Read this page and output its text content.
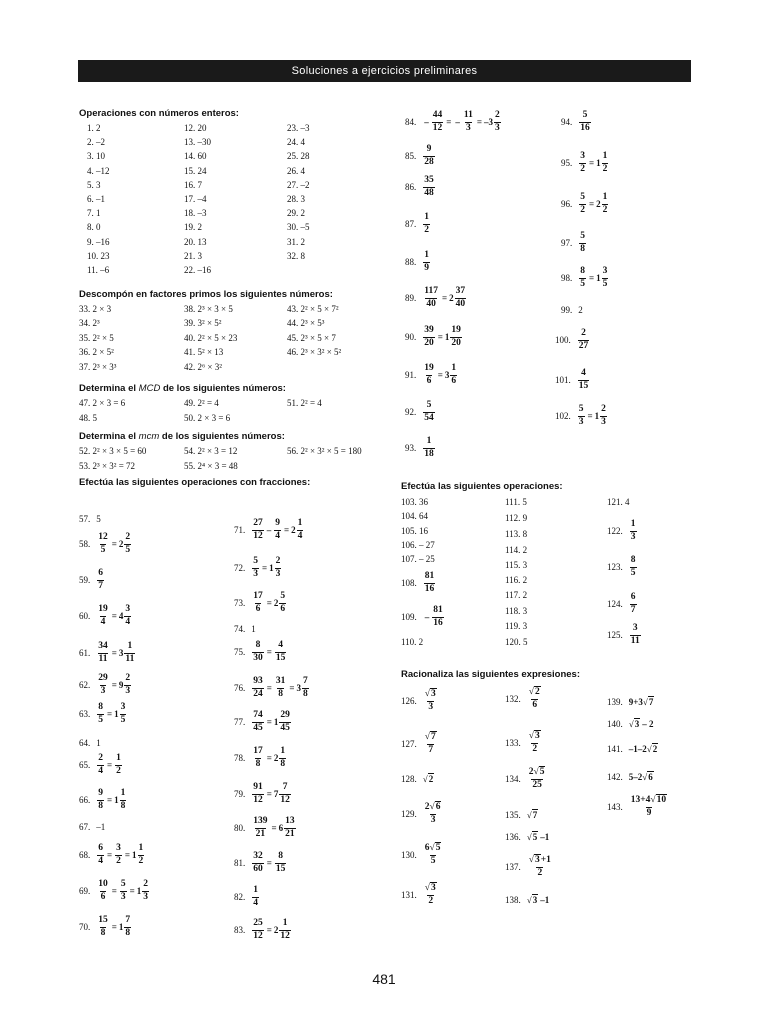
Soluciones a ejercicios preliminares
Operaciones con números enteros:
1. 2
2. –2
3. 10
4. –12
5. 3
6. –1
7. 1
8. 0
9. –16
10. 23
11. –6
12. 20
13. –30
14. 60
15. 24
16. 7
17. –4
18. –3
19. 2
20. 13
21. 3
22. –16
23. –3
24. 4
25. 28
26. 4
27. –2
28. 3
29. 2
30. –5
31. 2
32. 8
Descompón en factores primos los siguientes números:
33. 2 × 3
34. 2³
35. 2² × 5
36. 2 × 5²
37. 2³ × 3³
38. 2³ × 3 × 5
39. 3² × 5²
40. 2² × 5 × 23
41. 5² × 13
42. 2⁶ × 3²
43. 2² × 5 × 7²
44. 2³ × 5³
45. 2³ × 5 × 7
46. 2³ × 3² × 5²
Determina el MCD de los siguientes números:
47. 2 × 3 = 6
48. 5
49. 2² = 4
50. 2 × 3 = 6
51. 2² = 4
Determina el mcm de los siguientes números:
52. 2² × 3 × 5 = 60
53. 2³ × 3² = 72
54. 2² × 3 = 12
55. 2⁴ × 3 = 48
56. 2² × 3² × 5 = 180
Efectúa las siguientes operaciones con fracciones:
57. 5
58. $\frac{12}{5} = 2$
2
5
59.
6
7
60. $\frac{19}{4} = 4$
3
4
61. $\frac{34}{11} = 3$
1
11
62. $\frac{29}{3} = 9$
2
3
63. $\frac{8}{5} = 1$
3
5
64. 1
65. $\frac{2}{4} = \frac{1}{2}$
66. $\frac{9}{8} = 1$
1
8
67. –1
68. $\frac{6}{4} = \frac{3}{2} = 1$
1
2
69. $\frac{10}{6} = \frac{5}{3} = 1$
2
3
70. $\frac{15}{8} = 1$
7
8
71.
27
12
– $\frac{9}{4} = 2$
1
4
72. $\frac{5}{3} = 1$
2
3
73. $\frac{17}{6} = 2$
5
6
74. 1
75. $\frac{8}{30} = \frac{4}{15}$
76. $\frac{93}{24} = \frac{31}{8} = 3$
7
8
77. $\frac{74}{45} = 1$
29
45
78. $\frac{17}{8} = 2$
1
8
79. $\frac{91}{12} = 7$
7
12
80. $\frac{139}{21} = 6$
13
21
81. $\frac{32}{60} = \frac{8}{15}$
82.
1
4
83. $\frac{25}{12} = 2$
1
12
84. – $\frac{44}{12}$ = – $\frac{11}{3} = -3$
2
3
85.
9
28
86.
35
48
87.
1
2
88.
1
9
89. $\frac{117}{40} = 2$
37
40
90. $\frac{39}{20} = 1$
19
20
91. $\frac{19}{6} = 3$
1
6
92.
5
54
93.
1
18
94.
5
16
95. $\frac{3}{2} = 1$
1
2
96. $\frac{5}{2} = 2$
1
2
97.
5
8
98. $\frac{8}{5} = 1$
3
5
99. 2
100.
2
27
101.
4
15
102. $\frac{5}{3} = 1$
2
3
Efectúa las siguientes operaciones:
103. 36
104. 64
105. 16
106. – 27
107. – 25
108.
81
16
109. –
81
16
110. 2
111. 5
112. 9
113. 8
114. 2
115. 3
116. 2
117. 2
118. 3
119. 3
120. 5
121. 4
122.
1
3
123.
8
5
124.
6
7
125.
3
11
Racionaliza las siguientes expresiones:
126.
√3
3
127.
√7
7
128. √2
129.
2√6
3
130.
6√5
5
131.
√3
2
132.
√2
6
133.
√3
2
134.
2√5
25
135. √7
136. √5 –1
137.
√3+1
2
138. √3 –1
139. 9+3√7
140. √3 – 2
141. –1–2√2
142. 5–2√6
143.
13+4√10
9
481
